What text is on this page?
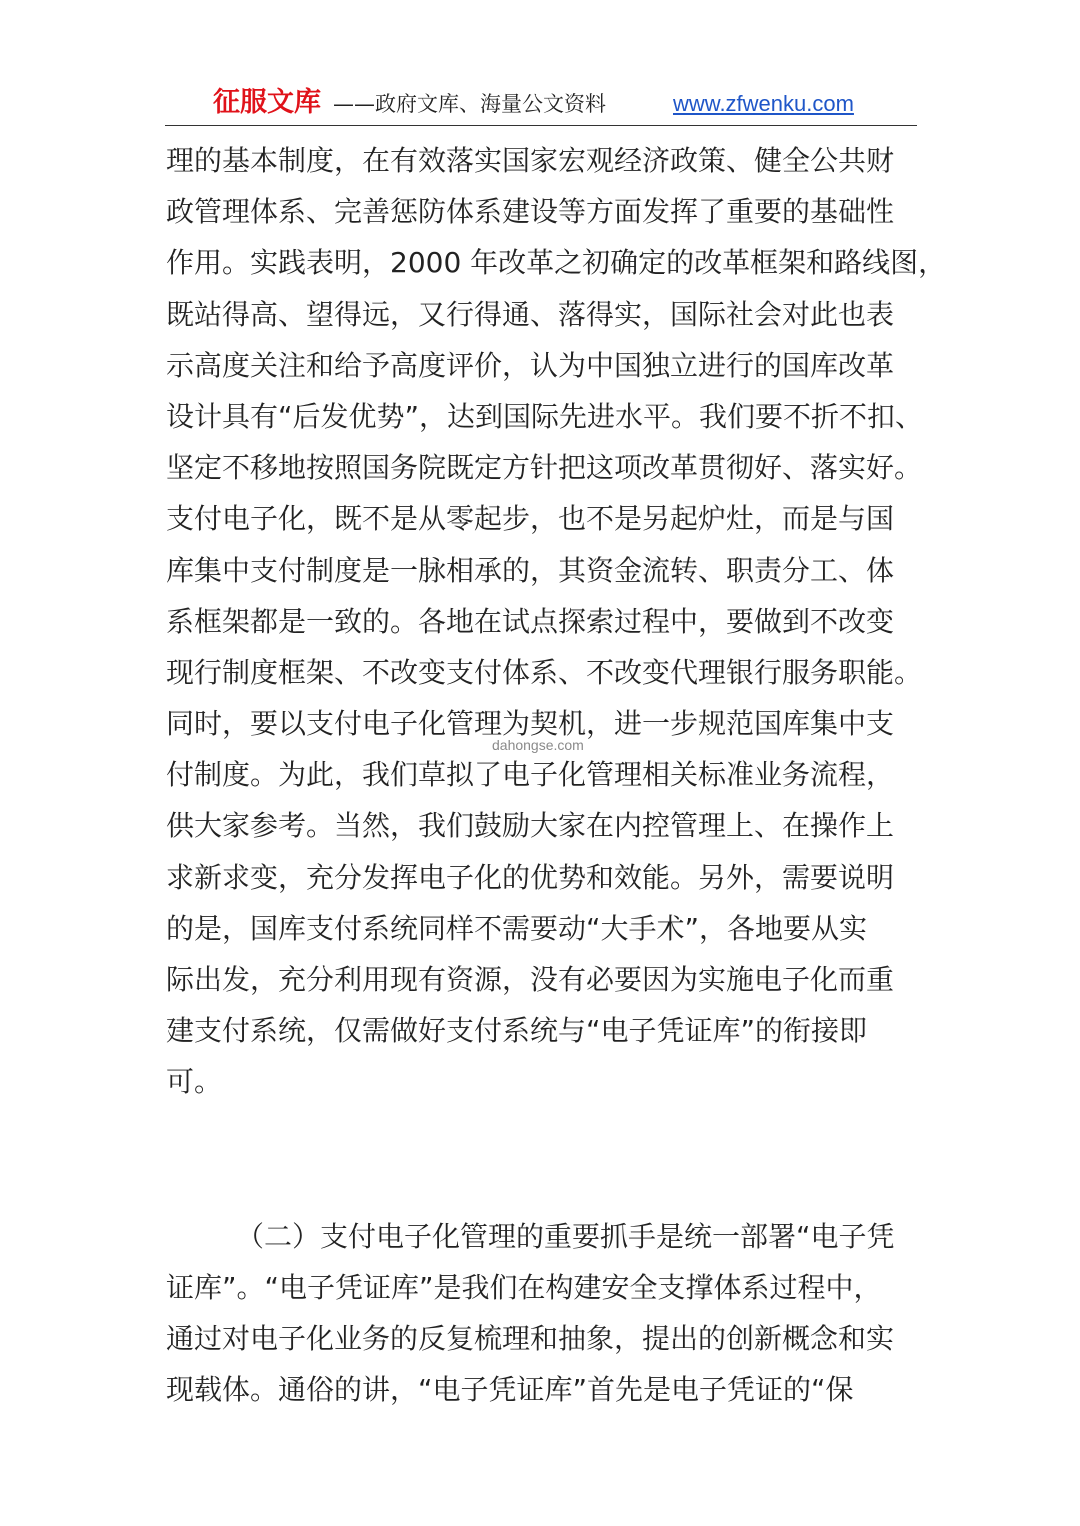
征服文库 ——政府文库、海量公文资料	www.zfwenku.com
理的基本制度，在有效落实国家宏观经济政策、健全公共财
政管理体系、完善惩防体系建设等方面发挥了重要的基础性
作用。实践表明，2000 年改革之初确定的改革框架和路线图，
既站得高、望得远，又行得通、落得实，国际社会对此也表
示高度关注和给予高度评价，认为中国独立进行的国库改革
设计具有“后发优势”，达到国际先进水平。我们要不折不扣、
坚定不移地按照国务院既定方针把这项改革贯彻好、落实好。
支付电子化，既不是从零起步，也不是另起炉灶，而是与国
库集中支付制度是一脉相承的，其资金流转、职责分工、体
系框架都是一致的。各地在试点探索过程中，要做到不改变
现行制度框架、不改变支付体系、不改变代理银行服务职能。
同时，要以支付电子化管理为契机，进一步规范国库集中支
付制度。为此，我们草拟了电子化管理相关标准业务流程，
供大家参考。当然，我们鼓励大家在内控管理上、在操作上
求新求变，充分发挥电子化的优势和效能。另外，需要说明
的是，国库支付系统同样不需要动“大手术”，各地要从实
际出发，充分利用现有资源，没有必要因为实施电子化而重
建支付系统，仅需做好支付系统与“电子凭证库”的衔接即
可。
（二）支付电子化管理的重要抓手是统一部署“电子凭
证库”。“电子凭证库”是我们在构建安全支撑体系过程中，
通过对电子化业务的反复梳理和抽象，提出的创新概念和实
现载体。通俗的讲，“电子凭证库”首先是电子凭证的“保
dahongse.com
